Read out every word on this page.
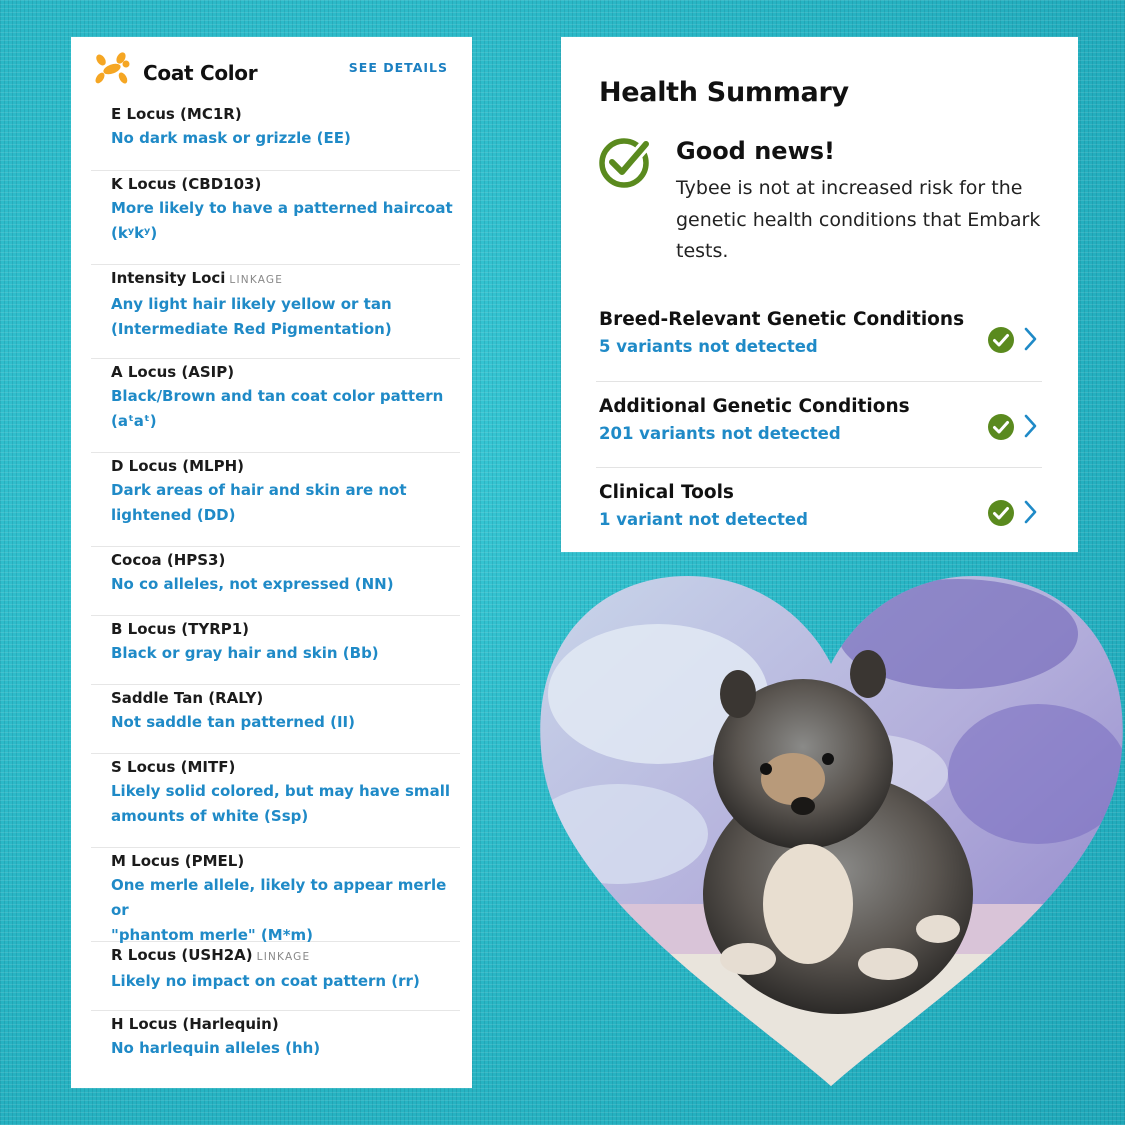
Coat Color	SEE DETAILS
E Locus (MC1R)
No dark mask or grizzle (EE)
K Locus (CBD103)
More likely to have a patterned haircoat
(kʸkʸ)
Intensity Loci LINKAGE
Any light hair likely yellow or tan
(Intermediate Red Pigmentation)
A Locus (ASIP)
Black/Brown and tan coat color pattern
(aᵗaᵗ)
D Locus (MLPH)
Dark areas of hair and skin are not
lightened (DD)
Cocoa (HPS3)
No co alleles, not expressed (NN)
B Locus (TYRP1)
Black or gray hair and skin (Bb)
Saddle Tan (RALY)
Not saddle tan patterned (II)
S Locus (MITF)
Likely solid colored, but may have small
amounts of white (Ssp)
M Locus (PMEL)
One merle allele, likely to appear merle or
"phantom merle" (M*m)
R Locus (USH2A) LINKAGE
Likely no impact on coat pattern (rr)
H Locus (Harlequin)
No harlequin alleles (hh)
Health Summary
Good news!
Tybee is not at increased risk for the genetic health conditions that Embark tests.
Breed-Relevant Genetic Conditions
5 variants not detected
Additional Genetic Conditions
201 variants not detected
Clinical Tools
1 variant not detected
